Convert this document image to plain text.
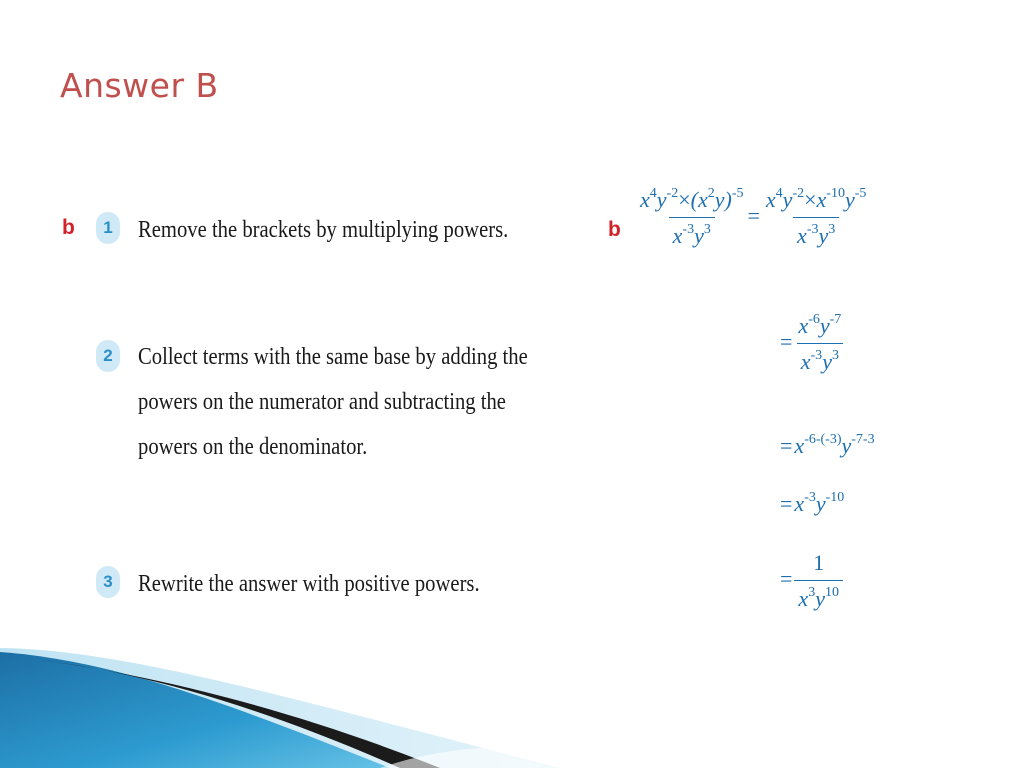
Answer B
b	1	Remove the brackets by multiplying powers.
2	Collect terms with the same base by adding the
powers on the numerator and subtracting the
powers on the denominator.
3	Rewrite the answer with positive powers.
b $\frac{x^4y^{-2}\times(x^2y)^{-5}}{x^{-3}y^3} = \frac{x^4y^{-2}\times x^{-10}y^{-5}}{x^{-3}y^3}$
= $\frac{x^{-6}y^{-7}}{x^{-3}y^3}$
$=x^{-6-(-3)}y^{-7-3}$
$=x^{-3}y^{-10}$
= $\frac{1}{x^3y^{10}}$
